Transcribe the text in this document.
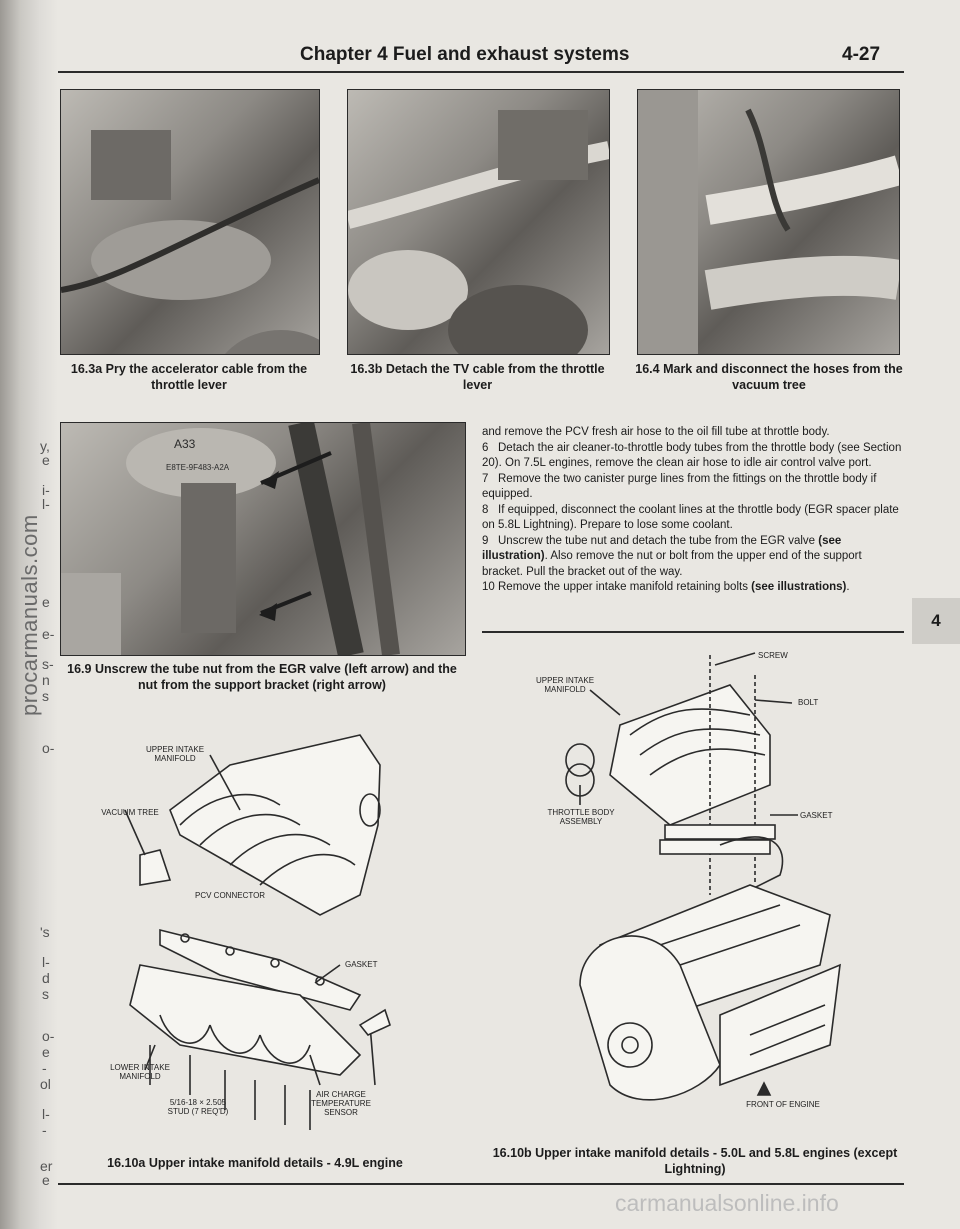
procarmanuals.com
y,
e
i-
l-
e
e-
s-
n
s
o-
's
l-
d
s
o-
e
-
ol
l-
-
er
e
Chapter 4 Fuel and exhaust systems	4-27
16.3a Pry the accelerator cable from the throttle lever
16.3b Detach the TV cable from the throttle lever
16.4 Mark and disconnect the hoses from the vacuum tree
A33
E8TE-9F483-A2A
16.9 Unscrew the tube nut from the EGR valve (left arrow) and the nut from the support bracket (right arrow)

and remove the PCV fresh air hose to the oil fill tube at throttle body.

6 Detach the air cleaner-to-throttle body tubes from the throttle body (see Section 20). On 7.5L engines, remove the clean air hose to idle air control valve port.

7 Remove the two canister purge lines from the fittings on the throttle body if equipped.

8 If equipped, disconnect the coolant lines at the throttle body (EGR spacer plate on 5.8L Lightning). Prepare to lose some coolant.

9 Unscrew the tube nut and detach the tube from the EGR valve (see illustration). Also remove the nut or bolt from the upper end of the support bracket. Pull the bracket out of the way.

10 Remove the upper intake manifold retaining bolts (see illustrations).

4
UPPER INTAKE MANIFOLD
VACUUM TREE
PCV CONNECTOR
GASKET
LOWER INTAKE MANIFOLD
5/16-18 × 2.505 STUD (7 REQ'D)
AIR CHARGE TEMPERATURE SENSOR
16.10a Upper intake manifold details - 4.9L engine
SCREW
UPPER INTAKE MANIFOLD
BOLT
THROTTLE BODY ASSEMBLY
GASKET
FRONT OF ENGINE
16.10b Upper intake manifold details - 5.0L and 5.8L engines (except Lightning)
carmanualsonline.info
